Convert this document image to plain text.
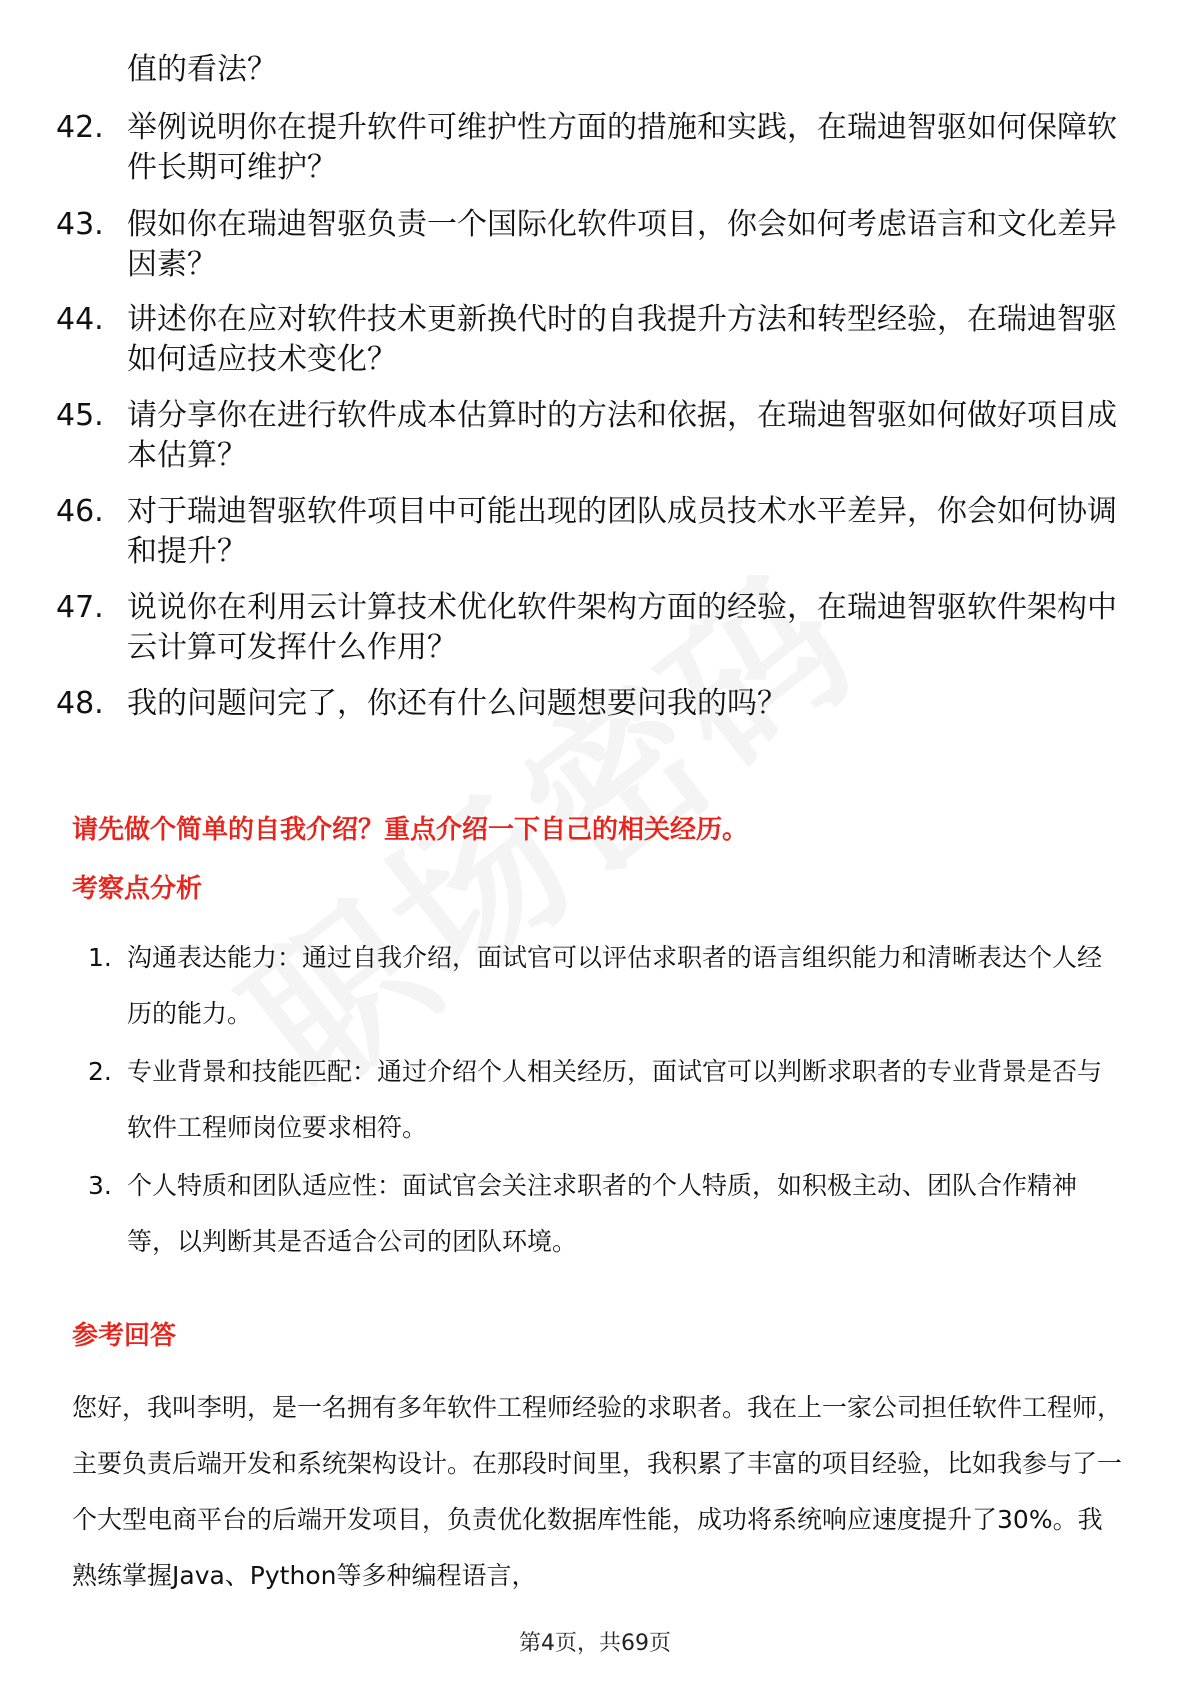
值的看法？
42. 举例说明你在提升软件可维护性方面的措施和实践，在瑞迪智驱如何保障软件长期可维护？
43. 假如你在瑞迪智驱负责一个国际化软件项目，你会如何考虑语言和文化差异因素？
44. 讲述你在应对软件技术更新换代时的自我提升方法和转型经验，在瑞迪智驱如何适应技术变化？
45. 请分享你在进行软件成本估算时的方法和依据，在瑞迪智驱如何做好项目成本估算？
46. 对于瑞迪智驱软件项目中可能出现的团队成员技术水平差异，你会如何协调和提升？
47. 说说你在利用云计算技术优化软件架构方面的经验，在瑞迪智驱软件架构中云计算可发挥什么作用？
48. 我的问题问完了，你还有什么问题想要问我的吗？
请先做个简单的自我介绍？重点介绍一下自己的相关经历。
考察点分析
1. 沟通表达能力：通过自我介绍，面试官可以评估求职者的语言组织能力和清晰表达个人经历的能力。
2. 专业背景和技能匹配：通过介绍个人相关经历，面试官可以判断求职者的专业背景是否与软件工程师岗位要求相符。
3. 个人特质和团队适应性：面试官会关注求职者的个人特质，如积极主动、团队合作精神等，以判断其是否适合公司的团队环境。
参考回答
您好，我叫李明，是一名拥有多年软件工程师经验的求职者。我在上一家公司担任软件工程师，主要负责后端开发和系统架构设计。在那段时间里，我积累了丰富的项目经验，比如我参与了一个大型电商平台的后端开发项目，负责优化数据库性能，成功将系统响应速度提升了30%。我熟练掌握Java、Python等多种编程语言，
第4页，共69页
